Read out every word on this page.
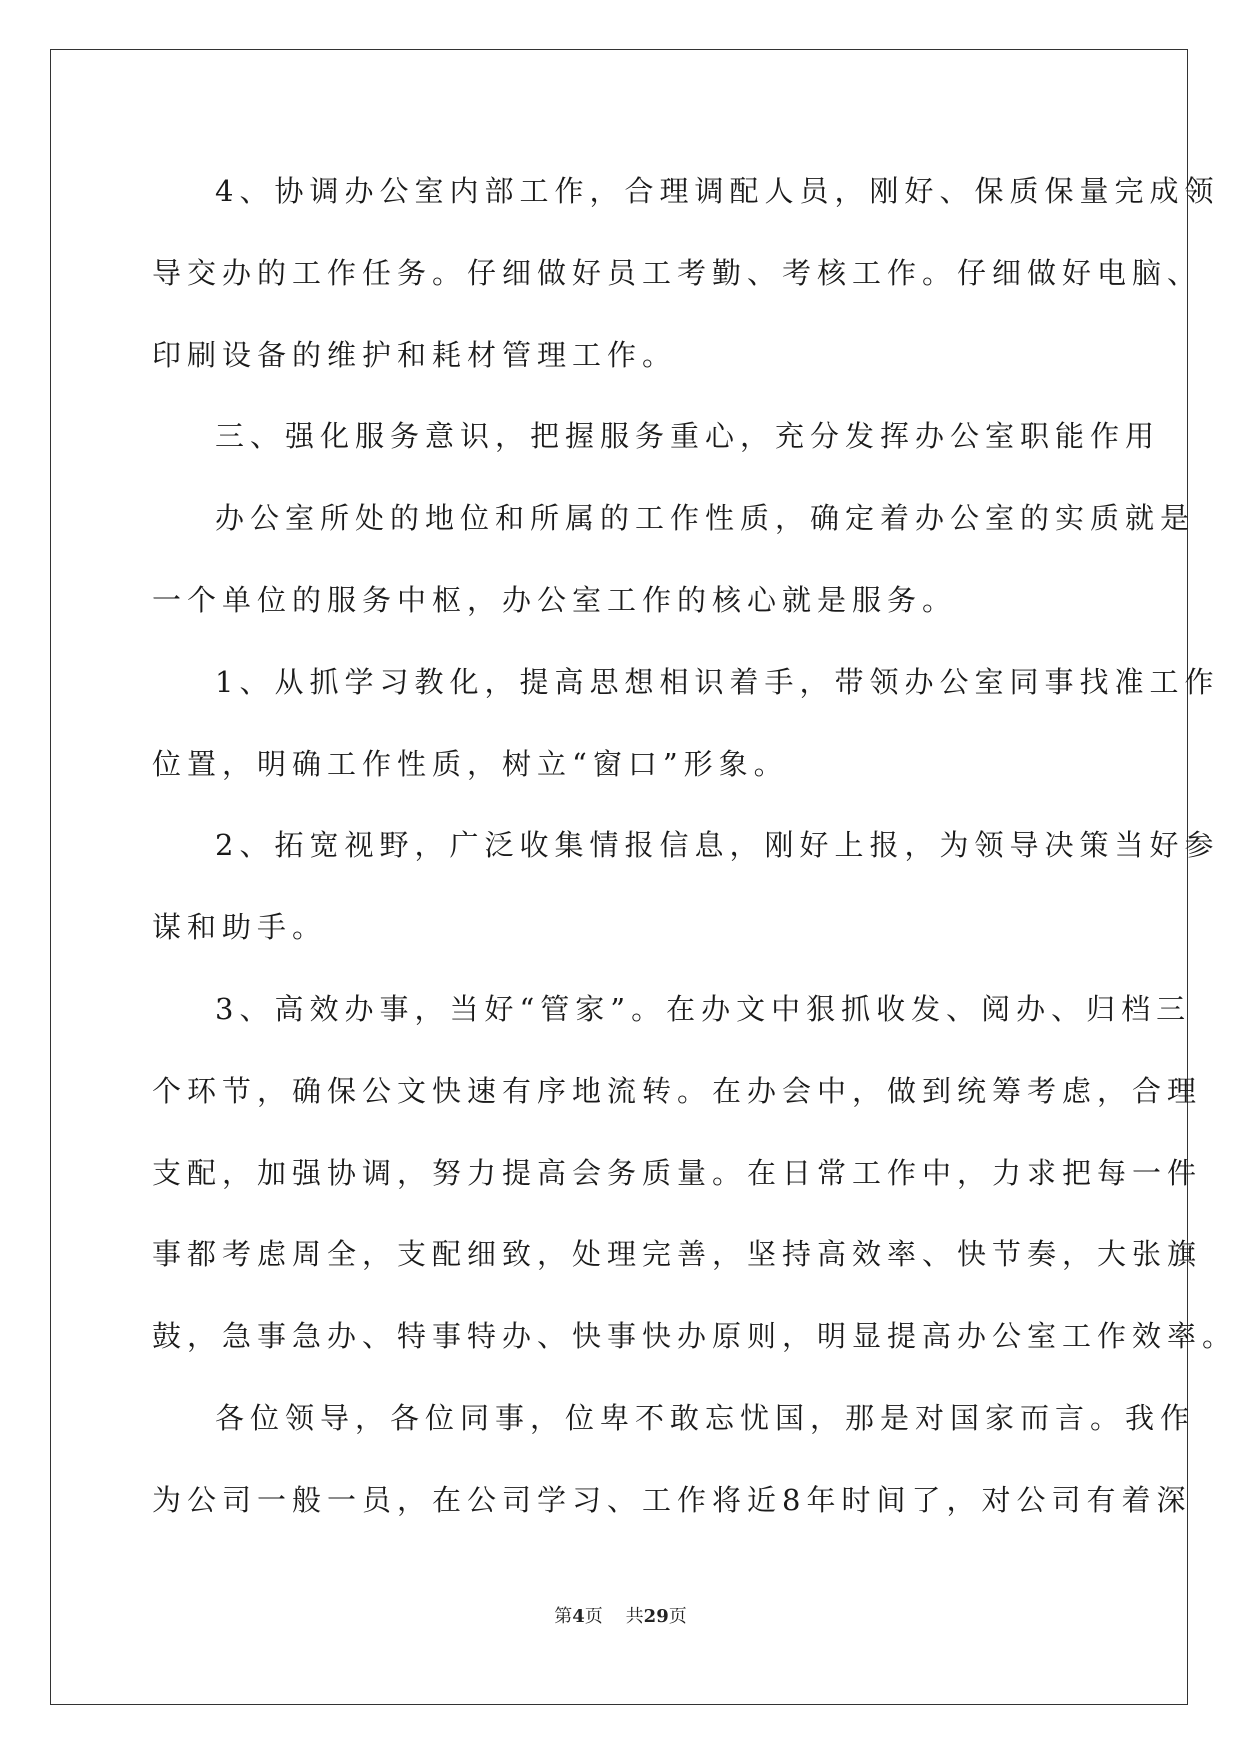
4、协调办公室内部工作，合理调配人员，刚好、保质保量完成领
导交办的工作任务。仔细做好员工考勤、考核工作。仔细做好电脑、
印刷设备的维护和耗材管理工作。
三、强化服务意识，把握服务重心，充分发挥办公室职能作用
办公室所处的地位和所属的工作性质，确定着办公室的实质就是
一个单位的服务中枢，办公室工作的核心就是服务。
1、从抓学习教化，提高思想相识着手，带领办公室同事找准工作
位置，明确工作性质，树立“窗口”形象。
2、拓宽视野，广泛收集情报信息，刚好上报，为领导决策当好参
谋和助手。
3、高效办事，当好“管家”。在办文中狠抓收发、阅办、归档三
个环节，确保公文快速有序地流转。在办会中，做到统筹考虑，合理
支配，加强协调，努力提高会务质量。在日常工作中，力求把每一件
事都考虑周全，支配细致，处理完善，坚持高效率、快节奏，大张旗
鼓，急事急办、特事特办、快事快办原则，明显提高办公室工作效率。
各位领导，各位同事，位卑不敢忘忧国，那是对国家而言。我作
为公司一般一员，在公司学习、工作将近8年时间了，对公司有着深
第4页 共29页
